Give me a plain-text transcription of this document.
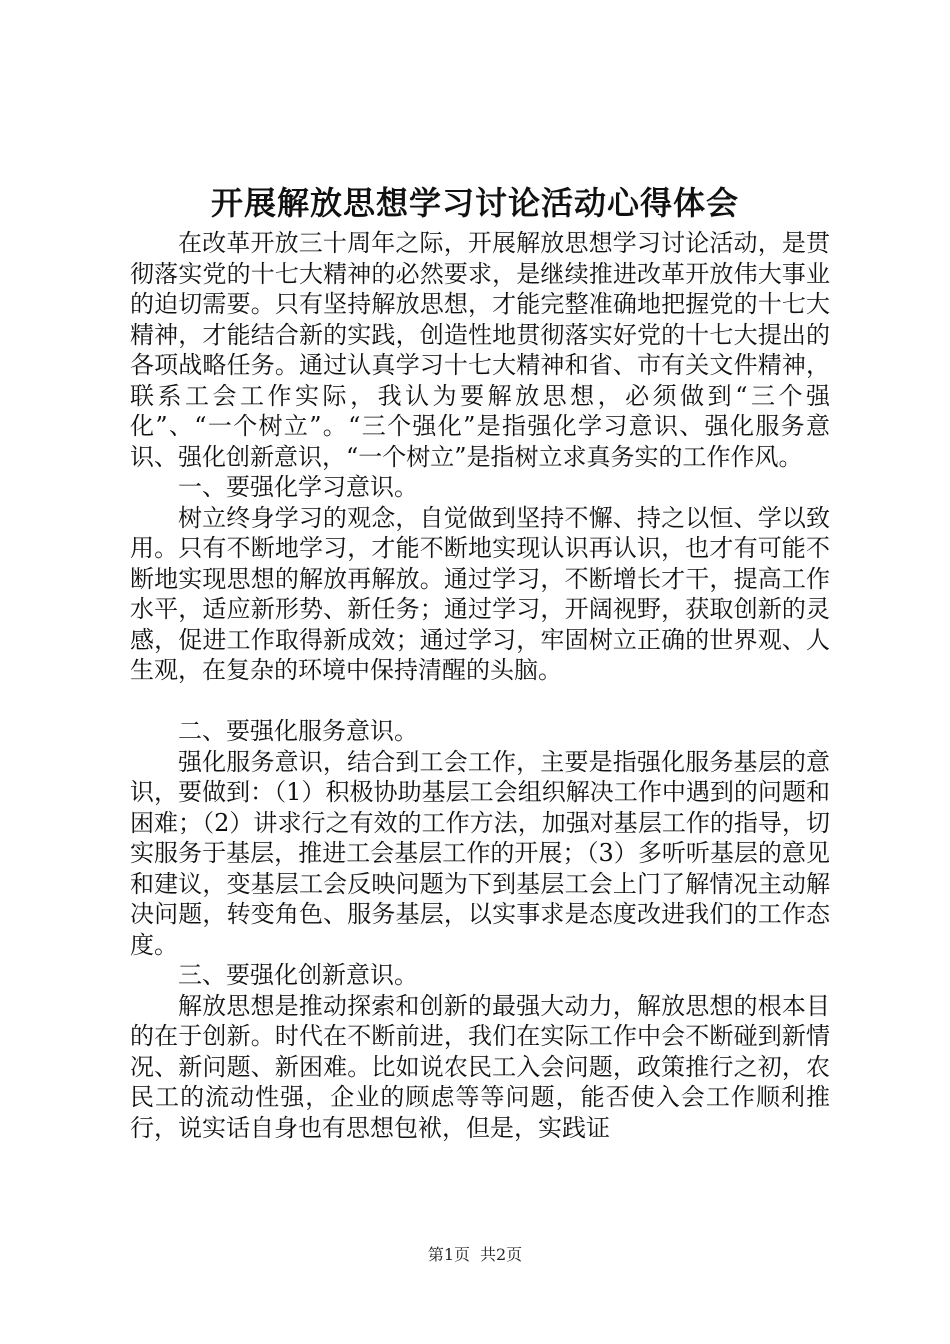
开展解放思想学习讨论活动心得体会

在改革开放三十周年之际，开展解放思想学习讨论活动，是贯彻落实党的十七大精神的必然要求，是继续推进改革开放伟大事业的迫切需要。只有坚持解放思想，才能完整准确地把握党的十七大精神，才能结合新的实践，创造性地贯彻落实好党的十七大提出的各项战略任务。通过认真学习十七大精神和省、市有关文件精神，联系工会工作实际，我认为要解放思想，必须做到“三个强化”、“一个树立”。“三个强化”是指强化学习意识、强化服务意识、强化创新意识，“一个树立”是指树立求真务实的工作作风。

一、要强化学习意识。

树立终身学习的观念，自觉做到坚持不懈、持之以恒、学以致用。只有不断地学习，才能不断地实现认识再认识，也才有可能不断地实现思想的解放再解放。通过学习，不断增长才干，提高工作水平，适应新形势、新任务；通过学习，开阔视野，获取创新的灵感，促进工作取得新成效；通过学习，牢固树立正确的世界观、人生观，在复杂的环境中保持清醒的头脑。

二、要强化服务意识。

强化服务意识，结合到工会工作，主要是指强化服务基层的意识，要做到：（1）积极协助基层工会组织解决工作中遇到的问题和困难；（2）讲求行之有效的工作方法，加强对基层工作的指导，切实服务于基层，推进工会基层工作的开展；（3）多听听基层的意见和建议，变基层工会反映问题为下到基层工会上门了解情况主动解决问题，转变角色、服务基层，以实事求是态度改进我们的工作态度。

三、要强化创新意识。

解放思想是推动探索和创新的最强大动力，解放思想的根本目的在于创新。时代在不断前进，我们在实际工作中会不断碰到新情况、新问题、新困难。比如说农民工入会问题，政策推行之初，农民工的流动性强，企业的顾虑等等问题，能否使入会工作顺利推行，说实话自身也有思想包袱，但是，实践证

第1页 共2页
